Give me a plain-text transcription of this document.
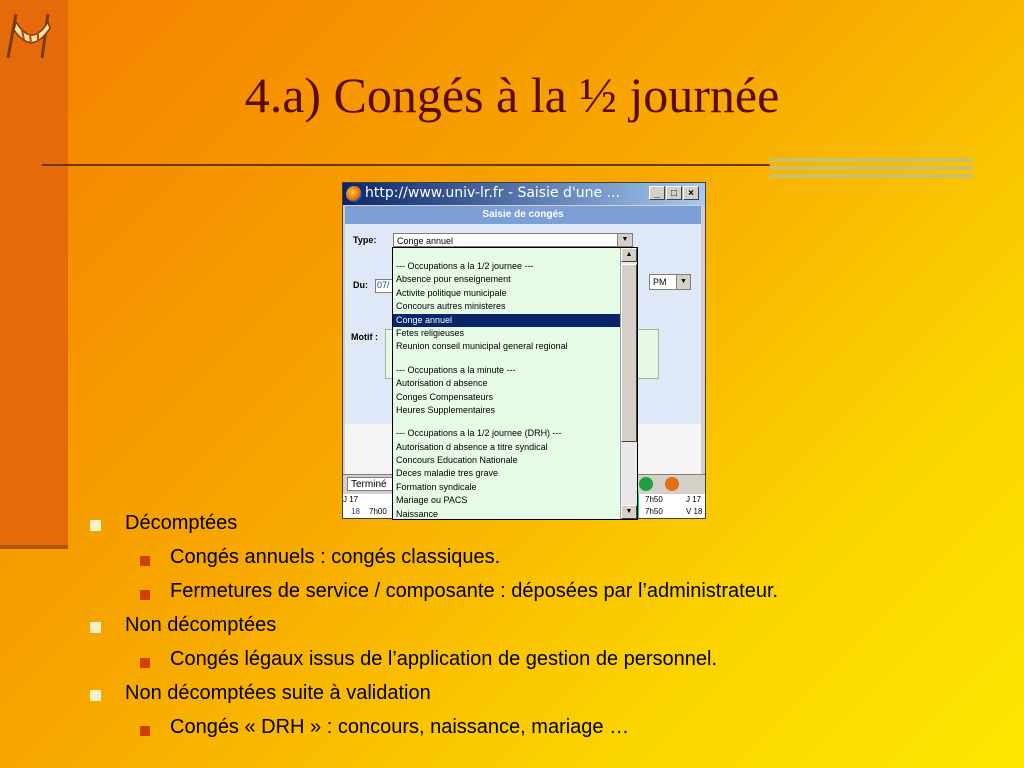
4.a) Congés à la ½ journée
http://www.univ-lr.fr - Saisie d'une ...	_	□	×
Saisie de congés
Type:	Conge annuel	▼
Du: 07/	PM	▼
Motif :
Terminé
J 17	7h50	J 17
18 7h00	7h50	V 18
--- Occupations a la 1/2 journee ---
Absence pour enseignement
Activite politique municipale
Concours autres ministeres
Conge annuel
Fetes religieuses
Reunion conseil municipal general regional
--- Occupations a la minute ---
Autorisation d absence
Conges Compensateurs
Heures Supplementaires
--- Occupations a la 1/2 journee (DRH) ---
Autorisation d absence a titre syndical
Concours Education Nationale
Deces maladie tres grave
Formation syndicale
Mariage ou PACS
Naissance
▲
▼
Décomptées
Congés annuels : congés classiques.
Fermetures de service / composante : déposées par l’administrateur.
Non décomptées
Congés légaux issus de l’application de gestion de personnel.
Non décomptées suite à validation
Congés « DRH » : concours, naissance, mariage …
